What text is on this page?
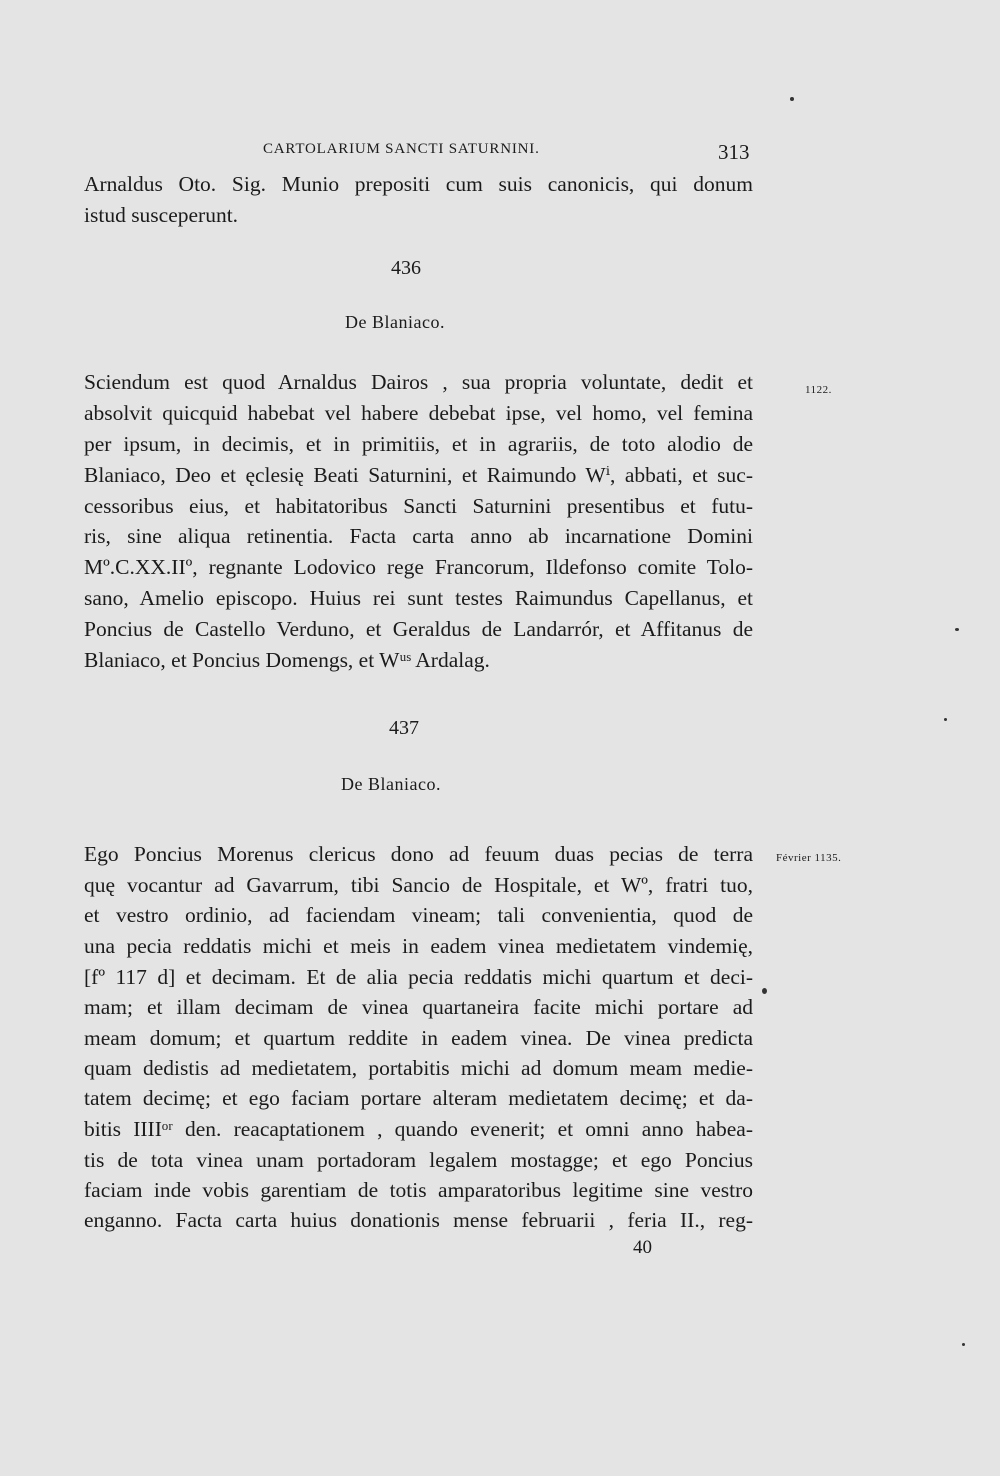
CARTOLARIUM SANCTI SATURNINI.	313
Arnaldus Oto. Sig. Munio prepositi cum suis canonicis, qui donum
istud susceperunt.
436
De Blaniaco.
1122.
Sciendum est quod Arnaldus Dairos , sua propria voluntate, dedit et
absolvit quicquid habebat vel habere debebat ipse, vel homo, vel femina
per ipsum, in decimis, et in primitiis, et in agrariis, de toto alodio de
Blaniaco, Deo et ęclesię Beati Saturnini, et Raimundo Wⁱ, abbati, et suc-
cessoribus eius, et habitatoribus Sancti Saturnini presentibus et futu-
ris, sine aliqua retinentia. Facta carta anno ab incarnatione Domini
Mº.C.XX.IIº, regnante Lodovico rege Francorum, Ildefonso comite Tolo-
sano, Amelio episcopo. Huius rei sunt testes Raimundus Capellanus, et
Poncius de Castello Verduno, et Geraldus de Landarrór, et Affitanus de
Blaniaco, et Poncius Domengs, et Wᵘˢ Ardalag.
437
De Blaniaco.
Février 1135.
Ego Poncius Morenus clericus dono ad feuum duas pecias de terra
quę vocantur ad Gavarrum, tibi Sancio de Hospitale, et Wº, fratri tuo,
et vestro ordinio, ad faciendam vineam; tali convenientia, quod de
una pecia reddatis michi et meis in eadem vinea medietatem vindemię,
[fº 117 d] et decimam. Et de alia pecia reddatis michi quartum et deci-
mam; et illam decimam de vinea quartaneira facite michi portare ad
meam domum; et quartum reddite in eadem vinea. De vinea predicta
quam dedistis ad medietatem, portabitis michi ad domum meam medie-
tatem decimę; et ego faciam portare alteram medietatem decimę; et da-
bitis IIIIᵒʳ den. reacaptationem , quando evenerit; et omni anno habea-
tis de tota vinea unam portadoram legalem mostagge; et ego Poncius
faciam inde vobis garentiam de totis amparatoribus legitime sine vestro
enganno. Facta carta huius donationis mense februarii , feria II., reg-
40
